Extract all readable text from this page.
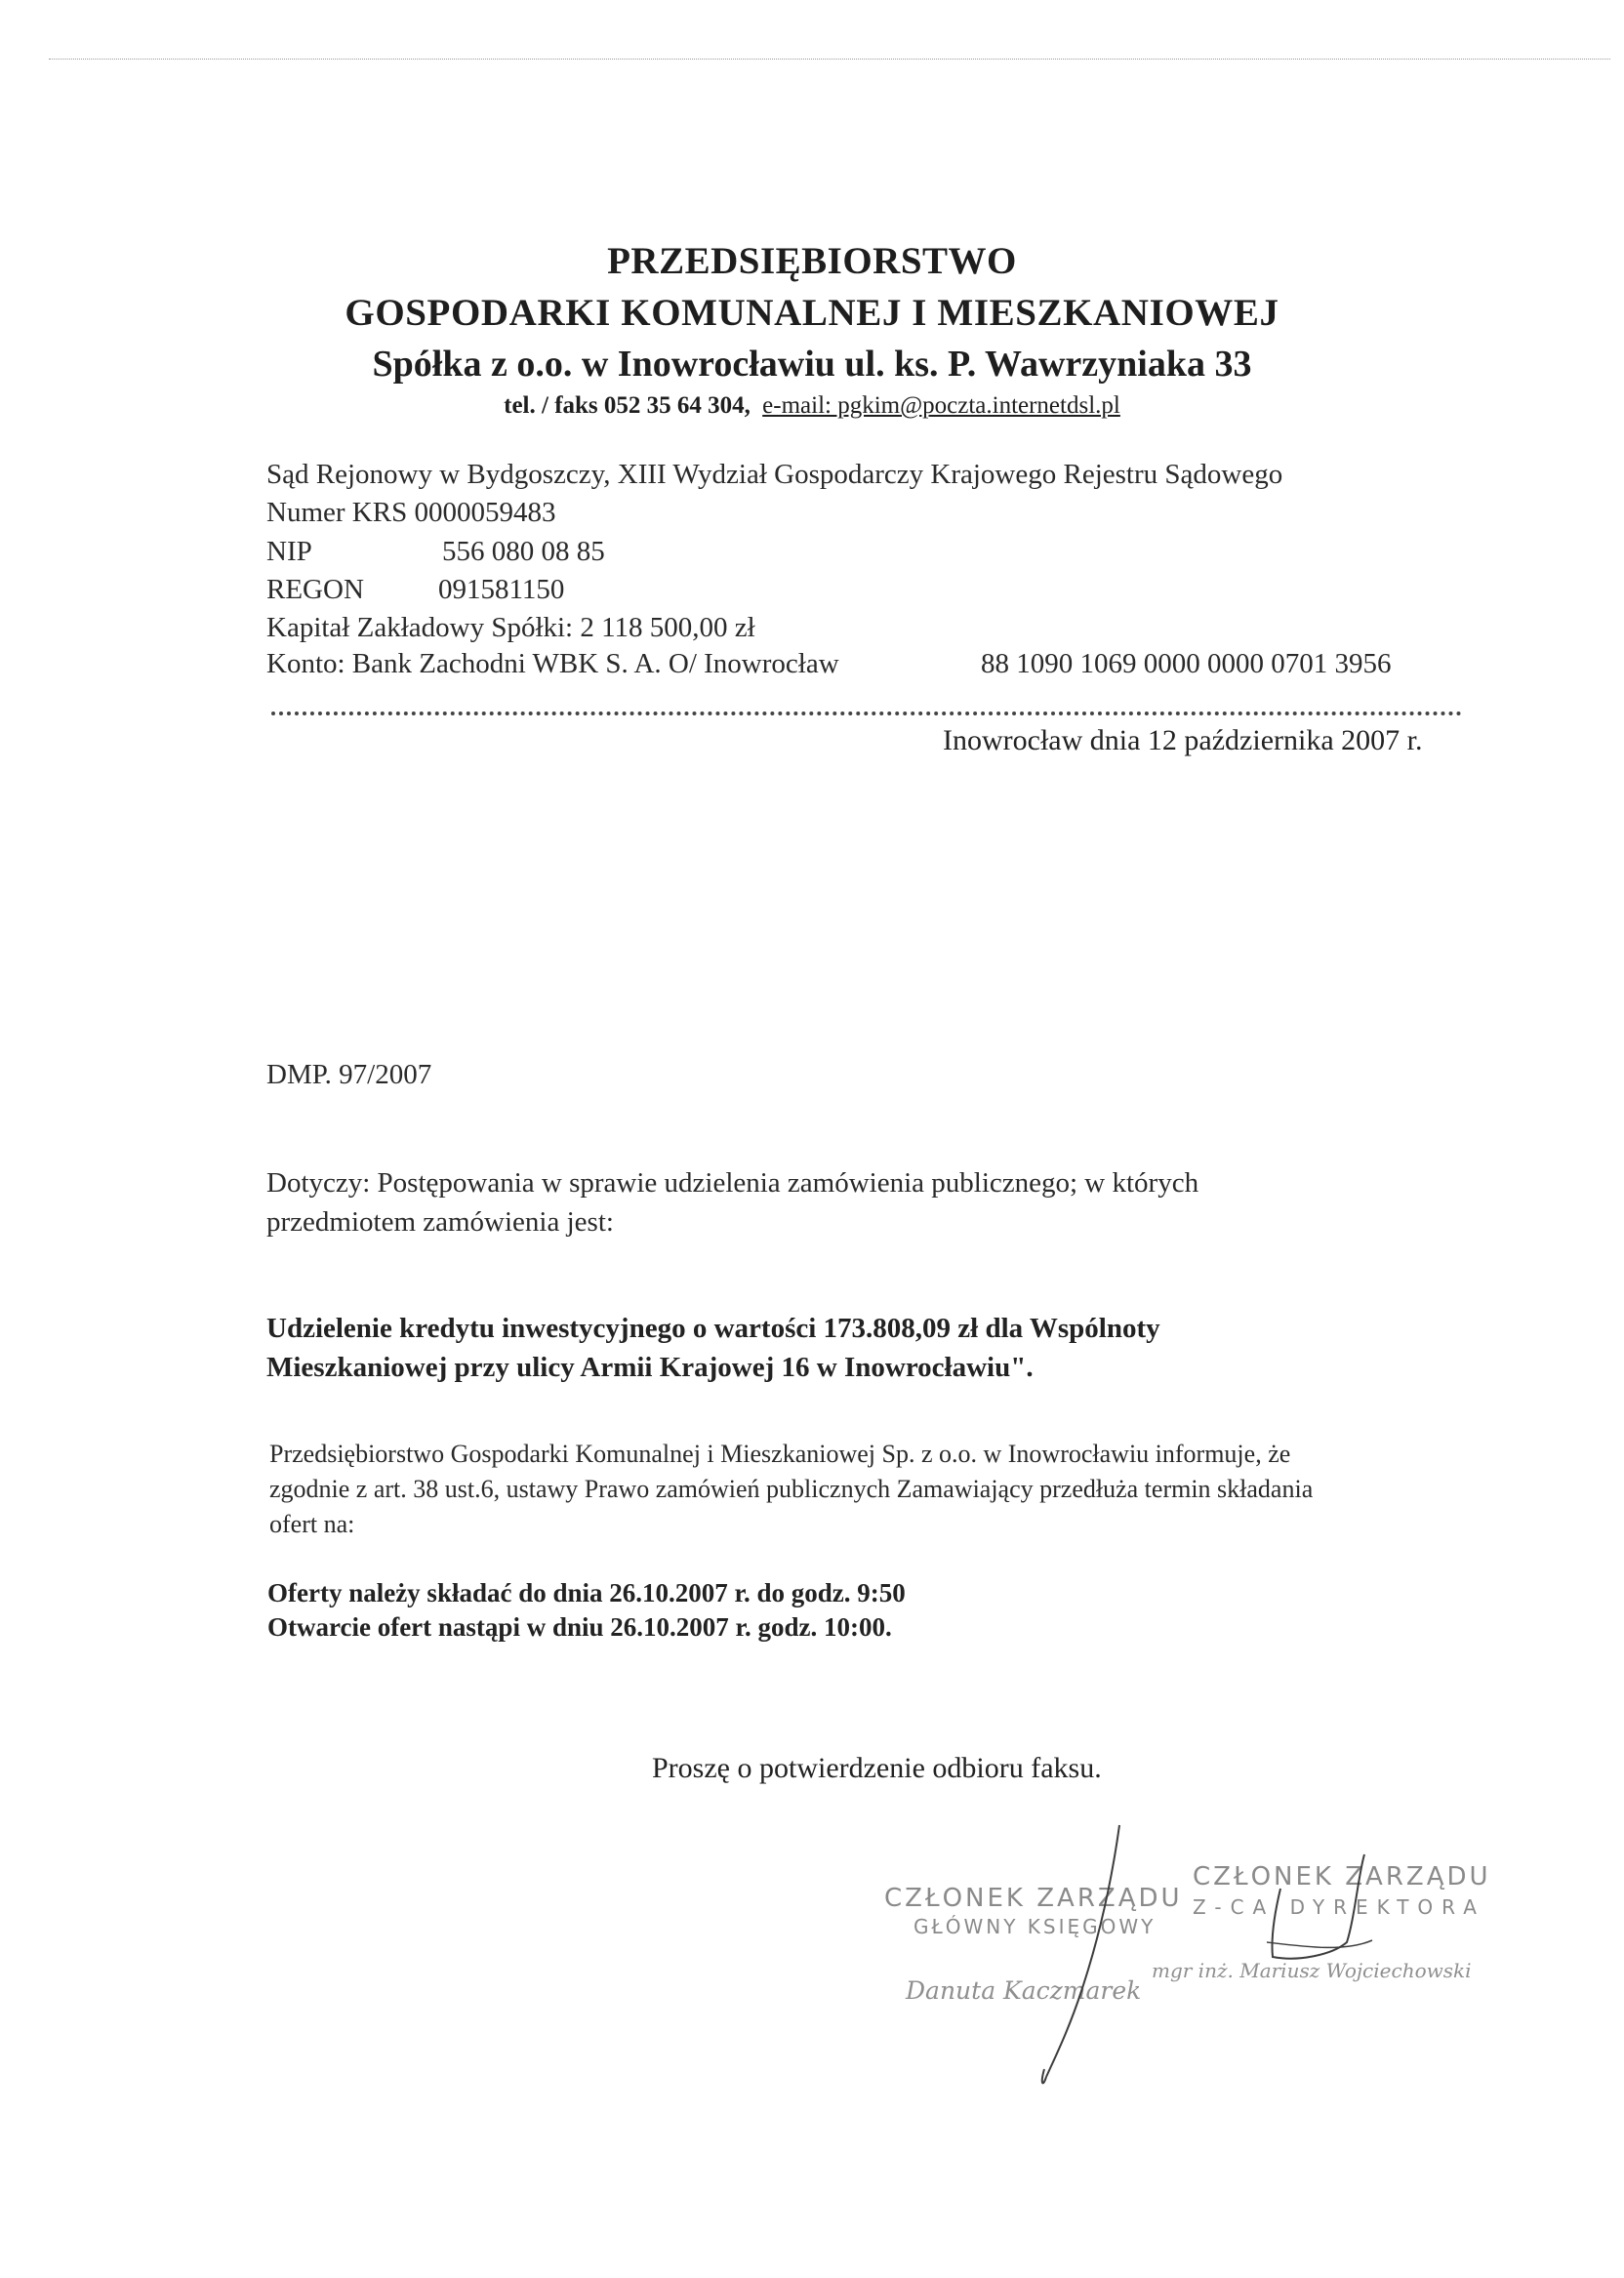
PRZEDSIĘBIORSTWO
GOSPODARKI KOMUNALNEJ I MIESZKANIOWEJ
Spółka z o.o. w Inowrocławiu ul. ks. P. Wawrzyniaka 33
tel. / faks 052 35 64 304, e-mail: pgkim@poczta.internetdsl.pl
Sąd Rejonowy w Bydgoszczy, XIII Wydział Gospodarczy Krajowego Rejestru Sądowego
Numer KRS 0000059483
NIP	556 080 08 85
REGON	091581150
Kapitał Zakładowy Spółki: 2 118 500,00 zł
Konto: Bank Zachodni WBK S. A. O/ Inowrocław	88 1090 1069 0000 0000 0701 3956
Inowrocław dnia 12 października 2007 r.
DMP. 97/2007
Dotyczy: Postępowania w sprawie udzielenia zamówienia publicznego; w których
przedmiotem zamówienia jest:
Udzielenie kredytu inwestycyjnego o wartości 173.808,09 zł dla Wspólnoty
Mieszkaniowej przy ulicy Armii Krajowej 16 w Inowrocławiu".
Przedsiębiorstwo Gospodarki Komunalnej i Mieszkaniowej Sp. z o.o. w Inowrocławiu informuje, że
zgodnie z art. 38 ust.6, ustawy Prawo zamówień publicznych Zamawiający przedłuża termin składania
ofert na:
Oferty należy składać do dnia 26.10.2007 r. do godz. 9:50
Otwarcie ofert nastąpi w dniu 26.10.2007 r. godz. 10:00.
Proszę o potwierdzenie odbioru faksu.
CZŁONEK ZARZĄDU
GŁÓWNY KSIĘGOWY
Danuta Kaczmarek
CZŁONEK ZARZĄDU
Z-CA DYREKTORA
mgr inż. Mariusz Wojciechowski
